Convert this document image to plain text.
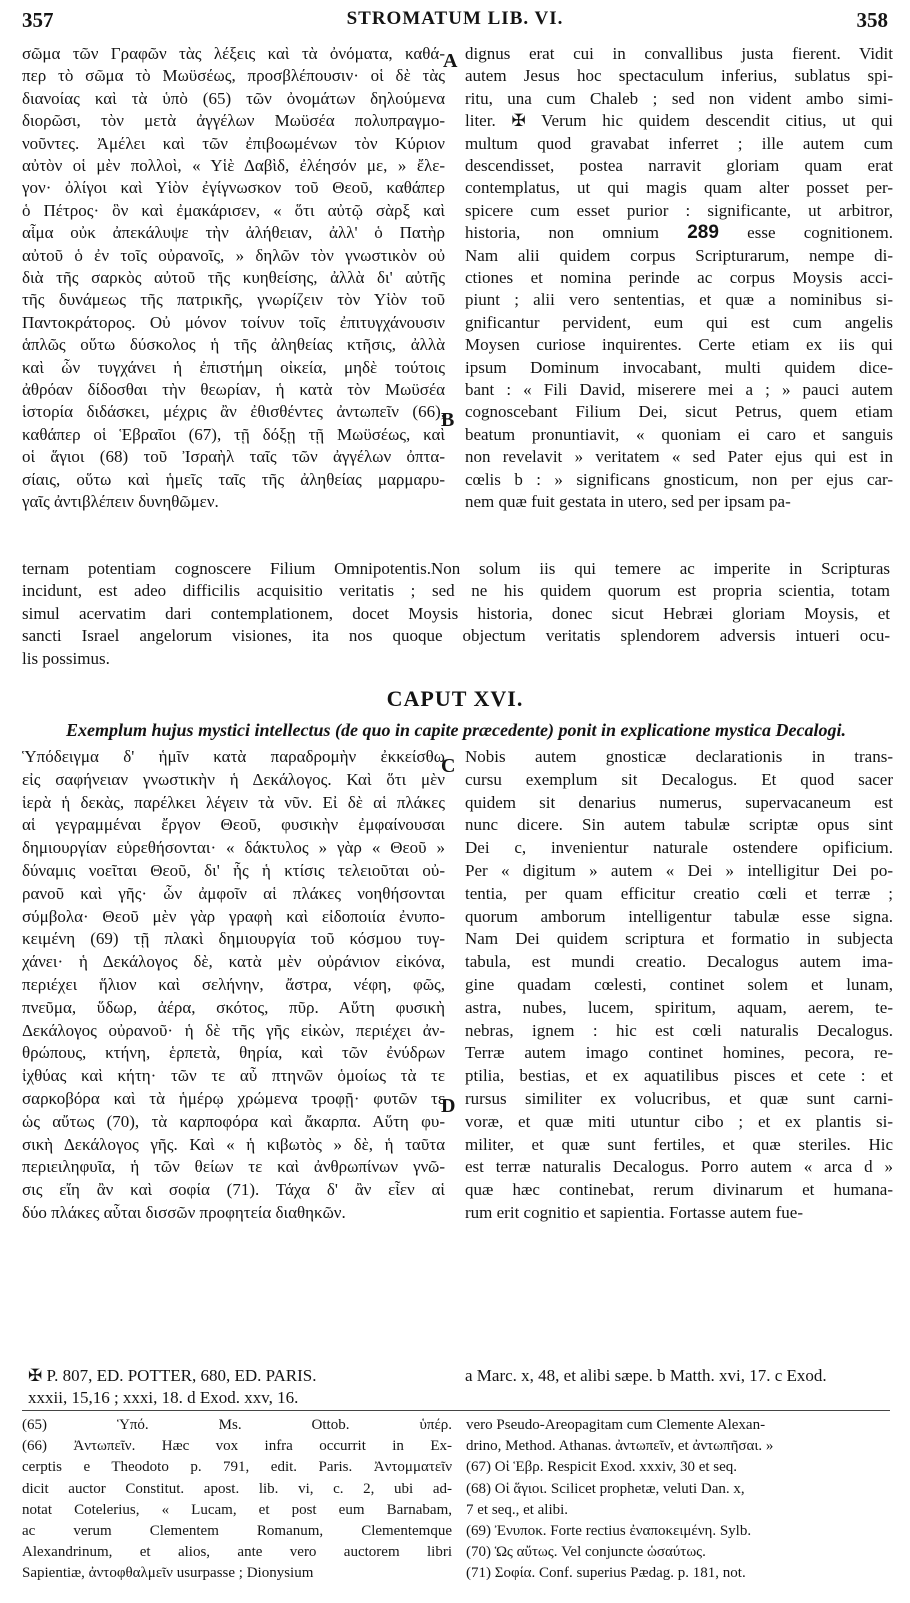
357	STROMATUM LIB. VI.	358
σῶμα τῶν Γραφῶν τὰς λέξεις καὶ τὰ ὀνόματα, καθά-
περ τὸ σῶμα τὸ Μωϋσέως, προσβλέπουσιν· οἱ δὲ τὰς
διανοίας καὶ τὰ ὑπὸ (65) τῶν ὀνομάτων δηλούμενα
διορῶσι, τὸν μετὰ ἀγγέλων Μωϋσέα πολυπραγμο-
νοῦντες. Ἀμέλει καὶ τῶν ἐπιβοωμένων τὸν Κύριον
αὐτὸν οἱ μὲν πολλοὶ, « Υἱὲ Δαβὶδ, ἐλέησόν με, » ἔλε-
γον· ὀλίγοι καὶ Υἱὸν ἐγίγνωσκον τοῦ Θεοῦ, καθάπερ
ὁ Πέτρος· ὃν καὶ ἐμακάρισεν, « ὅτι αὐτῷ σὰρξ καὶ
αἷμα οὐκ ἀπεκάλυψε τὴν ἀλήθειαν, ἀλλ' ὁ Πατὴρ
αὐτοῦ ὁ ἐν τοῖς οὐρανοῖς, » δηλῶν τὸν γνωστικὸν οὐ
διὰ τῆς σαρκὸς αὐτοῦ τῆς κυηθείσης, ἀλλὰ δι' αὐτῆς
τῆς δυνάμεως τῆς πατρικῆς, γνωρίζειν τὸν Υἱὸν τοῦ
Παντοκράτορος. Οὐ μόνον τοίνυν τοῖς ἐπιτυγχάνουσιν
ἁπλῶς οὕτω δύσκολος ἡ τῆς ἀληθείας κτῆσις, ἀλλὰ
καὶ ὧν τυγχάνει ἡ ἐπιστήμη οἰκεία, μηδὲ τούτοις
ἀθρόαν δίδοσθαι τὴν θεωρίαν, ἡ κατὰ τὸν Μωϋσέα
ἱστορία διδάσκει, μέχρις ἂν ἐθισθέντες ἀντωπεῖν (66),
καθάπερ οἱ Ἑβραῖοι (67), τῇ δόξῃ τῇ Μωϋσέως, καὶ
οἱ ἅγιοι (68) τοῦ Ἰσραὴλ ταῖς τῶν ἀγγέλων ὀπτα-
σίαις, οὕτω καὶ ἡμεῖς ταῖς τῆς ἀληθείας μαρμαρυ-
γαῖς ἀντιβλέπειν δυνηθῶμεν.
dignus erat cui in convallibus justa fierent. Vidit
autem Jesus hoc spectaculum inferius, sublatus spi-
ritu, una cum Chaleb ; sed non vident ambo simi-
liter. ✠ Verum hic quidem descendit citius, ut qui
multum quod gravabat inferret ; ille autem cum
descendisset, postea narravit gloriam quam erat
contemplatus, ut qui magis quam alter posset per-
spicere cum esset purior : significante, ut arbitror,
historia, non omnium 289 esse cognitionem.
Nam alii quidem corpus Scripturarum, nempe di-
ctiones et nomina perinde ac corpus Moysis acci-
piunt ; alii vero sententias, et quæ a nominibus si-
gnificantur pervident, eum qui est cum angelis
Moysen curiose inquirentes. Certe etiam ex iis qui
ipsum Dominum invocabant, multi quidem dice-
bant : « Fili David, miserere mei a ; » pauci autem
cognoscebant Filium Dei, sicut Petrus, quem etiam
beatum pronuntiavit, « quoniam ei caro et sanguis
non revelavit » veritatem « sed Pater ejus qui est in
cœlis b : » significans gnosticum, non per ejus car-
nem quæ fuit gestata in utero, sed per ipsam pa-
ternam potentiam cognoscere Filium Omnipotentis.Non solum iis qui temere ac imperite in Scripturas
incidunt, est adeo difficilis acquisitio veritatis ; sed ne his quidem quorum est propria scientia, totam
simul acervatim dari contemplationem, docet Moysis historia, donec sicut Hebræi gloriam Moysis, et
sancti Israel angelorum visiones, ita nos quoque objectum veritatis splendorem adversis intueri ocu-
lis possimus.
A
B
C
D
CAPUT XVI.
Exemplum hujus mystici intellectus (de quo in capite præcedente) ponit in explicatione mystica Decalogi.
Ὑπόδειγμα δ' ἡμῖν κατὰ παραδρομὴν ἐκκείσθω
εἰς σαφήνειαν γνωστικὴν ἡ Δεκάλογος. Καὶ ὅτι μὲν
ἱερὰ ἡ δεκὰς, παρέλκει λέγειν τὰ νῦν. Εἰ δὲ αἱ πλάκες
αἱ γεγραμμέναι ἔργον Θεοῦ, φυσικὴν ἐμφαίνουσαι
δημιουργίαν εὑρεθήσονται· « δάκτυλος » γὰρ « Θεοῦ »
δύναμις νοεῖται Θεοῦ, δι' ἧς ἡ κτίσις τελειοῦται οὐ-
ρανοῦ καὶ γῆς· ὧν ἀμφοῖν αἱ πλάκες νοηθήσονται
σύμβολα· Θεοῦ μὲν γὰρ γραφὴ καὶ εἰδοποιία ἐνυπο-
κειμένη (69) τῇ πλακὶ δημιουργία τοῦ κόσμου τυγ-
χάνει· ἡ Δεκάλογος δὲ, κατὰ μὲν οὐράνιον εἰκόνα,
περιέχει ἥλιον καὶ σελήνην, ἄστρα, νέφη, φῶς,
πνεῦμα, ὕδωρ, ἀέρα, σκότος, πῦρ. Αὕτη φυσικὴ
Δεκάλογος οὐρανοῦ· ἡ δὲ τῆς γῆς εἰκὼν, περιέχει ἀν-
θρώπους, κτήνη, ἑρπετὰ, θηρία, καὶ τῶν ἐνύδρων
ἰχθύας καὶ κήτη· τῶν τε αὖ πτηνῶν ὁμοίως τὰ τε
σαρκοβόρα καὶ τὰ ἡμέρῳ χρώμενα τροφῇ· φυτῶν τε
ὡς αὔτως (70), τὰ καρποφόρα καὶ ἄκαρπα. Αὕτη φυ-
σικὴ Δεκάλογος γῆς. Καὶ « ἡ κιβωτὸς » δὲ, ἡ ταῦτα
περιειληφυῖα, ἡ τῶν θείων τε καὶ ἀνθρωπίνων γνῶ-
σις εἴη ἂν καὶ σοφία (71). Τάχα δ' ἂν εἶεν αἱ
δύο πλάκες αὗται δισσῶν προφητεία διαθηκῶν.
Nobis autem gnosticæ declarationis in trans-
cursu exemplum sit Decalogus. Et quod sacer
quidem sit denarius numerus, supervacaneum est
nunc dicere. Sin autem tabulæ scriptæ opus sint
Dei c, invenientur naturale ostendere opificium.
Per « digitum » autem « Dei » intelligitur Dei po-
tentia, per quam efficitur creatio cœli et terræ ;
quorum amborum intelligentur tabulæ esse signa.
Nam Dei quidem scriptura et formatio in subjecta
tabula, est mundi creatio. Decalogus autem ima-
gine quadam cœlesti, continet solem et lunam,
astra, nubes, lucem, spiritum, aquam, aerem, te-
nebras, ignem : hic est cœli naturalis Decalogus.
Terræ autem imago continet homines, pecora, re-
ptilia, bestias, et ex aquatilibus pisces et cete : et
rursus similiter ex volucribus, et quæ sunt carni-
voræ, et quæ miti utuntur cibo ; et ex plantis si-
militer, et quæ sunt fertiles, et quæ steriles. Hic
est terræ naturalis Decalogus. Porro autem « arca d »
quæ hæc continebat, rerum divinarum et humana-
rum erit cognitio et sapientia. Fortasse autem fue-
✠ P. 807, ED. POTTER, 680, ED. PARIS.
xxxii, 15,16 ; xxxi, 18. d Exod. xxv, 16.
a Marc. x, 48, et alibi sæpe. b Matth. xvi, 17. c Exod.
(65) Ὑπό. Ms. Ottob. ὑπέρ.
(66) Ἀντωπεῖν. Hæc vox infra occurrit in Ex-
cerptis e Theodoto p. 791, edit. Paris. Ἀντομματεῖν
dicit auctor Constitut. apost. lib. vi, c. 2, ubi ad-
notat Cotelerius, « Lucam, et post eum Barnabam,
ac verum Clementem Romanum, Clementemque
Alexandrinum, et alios, ante vero auctorem libri
Sapientiæ, ἀντοφθαλμεῖν usurpasse ; Dionysium
vero Pseudo-Areopagitam cum Clemente Alexan-
drino, Method. Athanas. ἀντωπεῖν, et ἀντωπῆσαι. »
(67) Οἱ Ἑβρ. Respicit Exod. xxxiv, 30 et seq.
(68) Οἱ ἅγιοι. Scilicet prophetæ, veluti Dan. x,
7 et seq., et alibi.
(69) Ἐνυποκ. Forte rectius ἐναποκειμένη. Sylb.
(70) Ὡς αὔτως. Vel conjuncte ὡσαύτως.
(71) Σοφία. Conf. superius Pædag. p. 181, not.
